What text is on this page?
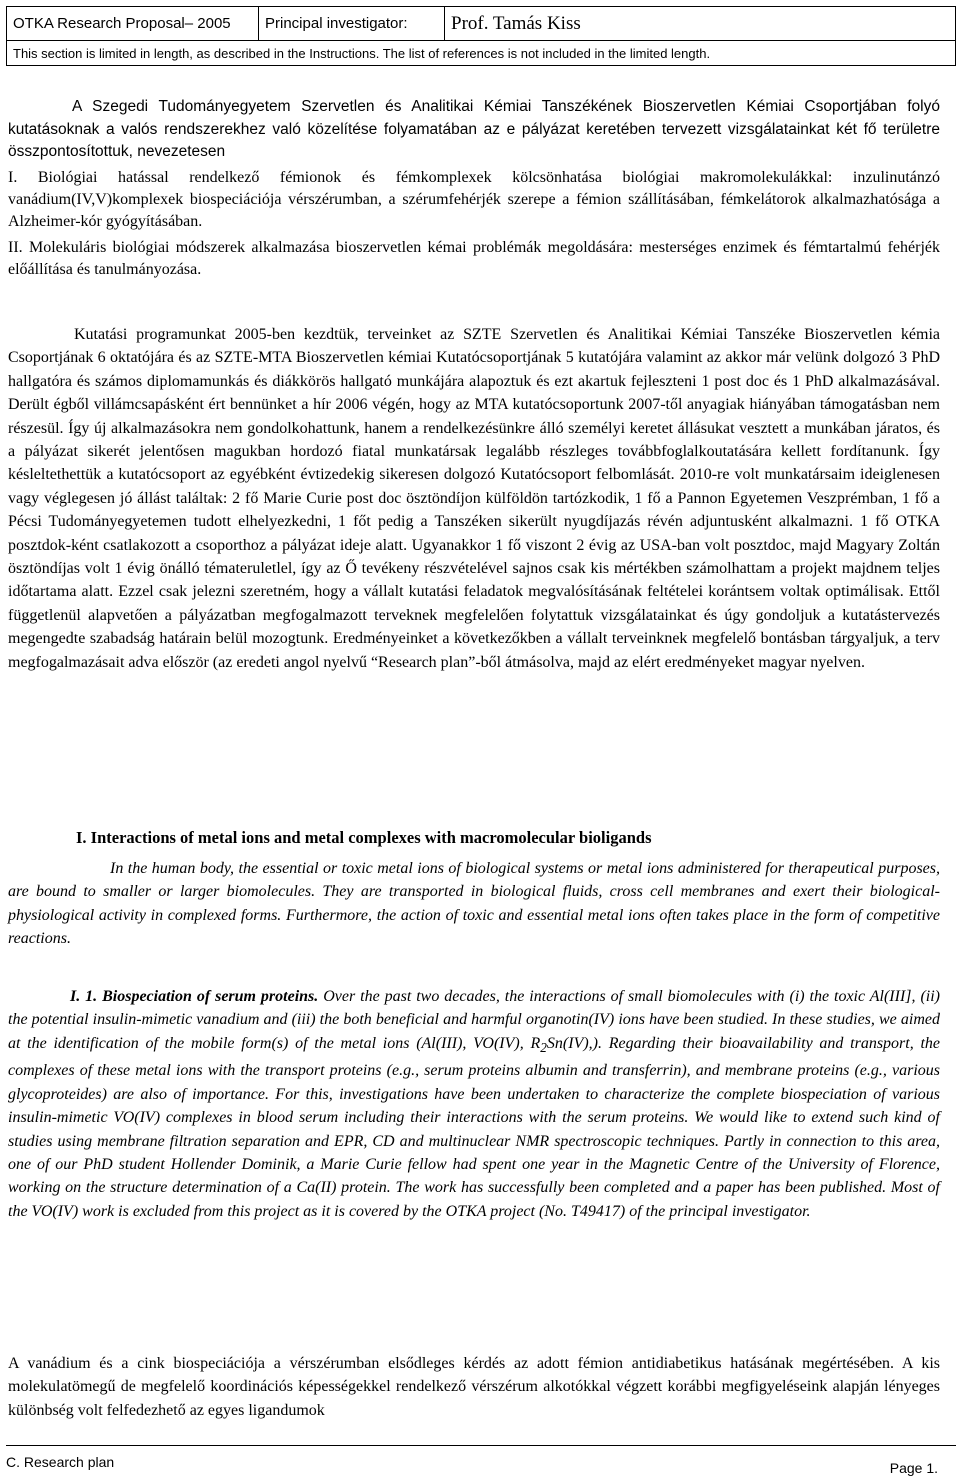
OTKA Research Proposal– 2005	Principal investigator:	Prof. Tamás Kiss
This section is limited in length, as described in the Instructions. The list of references is not included in the limited length.

A Szegedi Tudományegyetem Szervetlen és Analitikai Kémiai Tanszékének Bioszervetlen Kémiai Csoportjában folyó kutatásoknak a valós rendszerekhez való közelítése folyamatában az e pályázat keretében tervezett vizsgálatainkat két fő területre összpontosítottuk, nevezetesen

I. Biológiai hatással rendelkező fémionok és fémkomplexek kölcsönhatása biológiai makromolekulákkal: inzulinutánzó vanádium(IV,V)komplexek biospeciációja vérszérumban, a szérumfehérjék szerepe a fémion szállításában, fémkelátorok alkalmazhatósága a Alzheimer-kór gyógyításában.

II. Molekuláris biológiai módszerek alkalmazása bioszervetlen kémai problémák megoldására: mesterséges enzimek és fémtartalmú fehérjék előállítása és tanulmányozása.

Kutatási programunkat 2005-ben kezdtük, terveinket az SZTE Szervetlen és Analitikai Kémiai Tanszéke Bioszervetlen kémia Csoportjának 6 oktatójára és az SZTE-MTA Bioszervetlen kémiai Kutatócsoportjának 5 kutatójára valamint az akkor már velünk dolgozó 3 PhD hallgatóra és számos diplomamunkás és diákkörös hallgató munkájára alapoztuk és ezt akartuk fejleszteni 1 post doc és 1 PhD alkalmazásával. Derült égből villámcsapásként ért bennünket a hír 2006 végén, hogy az MTA kutatócsoportunk 2007-től anyagiak hiányában támogatásban nem részesül. Így új alkalmazásokra nem gondolkohattunk, hanem a rendelkezésünkre álló személyi keretet állásukat vesztett a munkában járatos, és a pályázat sikerét jelentősen magukban hordozó fiatal munkatársak legalább részleges továbbfoglalkoutatására kellett fordítanunk. Így késleltethettük a kutatócsoport az egyébként évtizedekig sikeresen dolgozó Kutatócsoport felbomlását. 2010-re volt munkatársaim ideiglenesen vagy véglegesen jó állást találtak: 2 fő Marie Curie post doc ösztöndíjon külföldön tartózkodik, 1 fő a Pannon Egyetemen Veszprémban, 1 fő a Pécsi Tudományegyetemen tudott elhelyezkedni, 1 főt pedig a Tanszéken sikerült nyugdíjazás révén adjuntusként alkalmazni. 1 fő OTKA posztdok-ként csatlakozott a csoporthoz a pályázat ideje alatt. Ugyanakkor 1 fő viszont 2 évig az USA-ban volt posztdoc, majd Magyary Zoltán ösztöndíjas volt 1 évig önálló témateruletlel, így az Ő tevékeny részvételével sajnos csak kis mértékben számolhattam a projekt majdnem teljes időtartama alatt. Ezzel csak jelezni szeretném, hogy a vállalt kutatási feladatok megvalósításának feltételei korántsem voltak optimálisak. Ettől függetlenül alapvetően a pályázatban megfogalmazott terveknek megfelelően folytattuk vizsgálatainkat és úgy gondoljuk a kutatástervezés megengedte szabadság határain belül mozogtunk. Eredményeinket a következőkben a vállalt terveinknek megfelelő bontásban tárgyaljuk, a terv megfogalmazásait adva először (az eredeti angol nyelvű “Research plan”-ből átmásolva, majd az elért eredményeket magyar nyelven.

I. Interactions of metal ions and metal complexes with macromolecular bioligands

In the human body, the essential or toxic metal ions of biological systems or metal ions administered for therapeutical purposes, are bound to smaller or larger biomolecules. They are transported in biological fluids, cross cell membranes and exert their biological-physiological activity in complexed forms. Furthermore, the action of toxic and essential metal ions often takes place in the form of competitive reactions.

I. 1. Biospeciation of serum proteins. Over the past two decades, the interactions of small biomolecules with (i) the toxic Al(III], (ii) the potential insulin-mimetic vanadium and (iii) the both beneficial and harmful organotin(IV) ions have been studied. In these studies, we aimed at the identification of the mobile form(s) of the metal ions (Al(III), VO(IV), $R_2Sn(IV)$,). Regarding their bioavailability and transport, the complexes of these metal ions with the transport proteins (e.g., serum proteins albumin and transferrin), and membrane proteins (e.g., various glycoproteides) are also of importance. For this, investigations have been undertaken to characterize the complete biospeciation of various insulin-mimetic VO(IV) complexes in blood serum including their interactions with the serum proteins. We would like to extend such kind of studies using membrane filtration separation and EPR, CD and multinuclear NMR spectroscopic techniques. Partly in connection to this area, one of our PhD student Hollender Dominik, a Marie Curie fellow had spent one year in the Magnetic Centre of the University of Florence, working on the structure determination of a Ca(II) protein. The work has successfully been completed and a paper has been published. Most of the VO(IV) work is excluded from this project as it is covered by the OTKA project (No. T49417) of the principal investigator.

A vanádium és a cink biospeciációja a vérszérumban elsődleges kérdés az adott fémion antidiabetikus hatásának megértésében. A kis molekulatömegű de megfelelő koordinációs képességekkel rendelkező vérszérum alkotókkal végzett korábbi megfigyeléseink alapján lényeges különbség volt felfedezhető az egyes ligandumok

C. Research plan	Page 1.
